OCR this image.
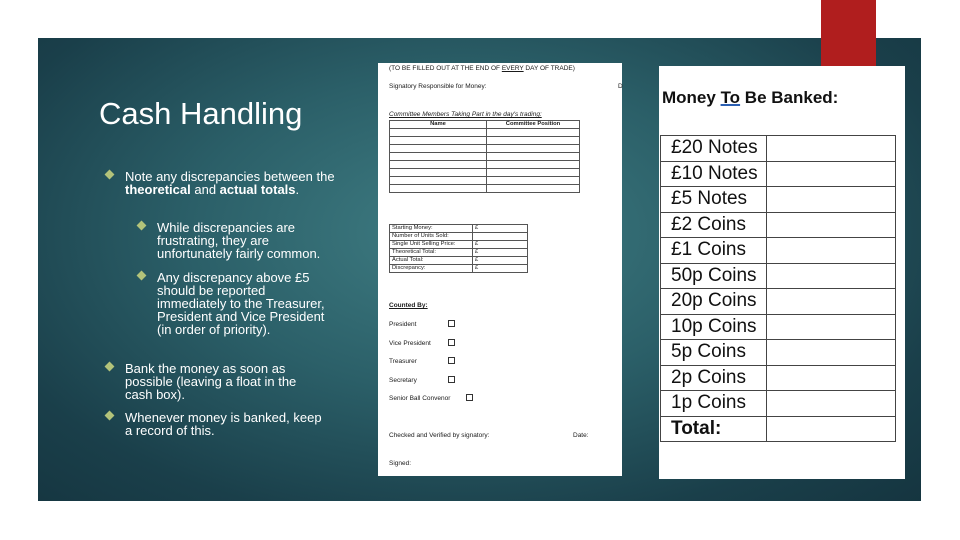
Cash Handling
Note any discrepancies between the theoretical and actual totals.
While discrepancies are frustrating, they are unfortunately fairly common.
Any discrepancy above £5 should be reported immediately to the Treasurer, President and Vice President (in order of priority).
Bank the money as soon as possible (leaving a float in the cash box).
Whenever money is banked, keep a record of this.
(TO BE FILLED OUT AT THE END OF EVERY DAY OF TRADE)
Signatory Responsible for Money:	D
Committee Members Taking Part in the day's trading:
Name	Committee Position

Starting Money:	£
Number of Units Sold:	
Single Unit Selling Price:	£
Theoretical Total:	£
Actual Total:	£
Discrepancy:	£
Counted By:
President
Vice President
Treasurer
Secretary
Senior Ball Convenor
Checked and Verified by signatory:	Date:
Signed:
Money To Be Banked:
£20 Notes	
£10 Notes	
£5 Notes	
£2 Coins	
£1 Coins	
50p Coins	
20p Coins	
10p Coins	
5p Coins	
2p Coins	
1p Coins	
Total:	
